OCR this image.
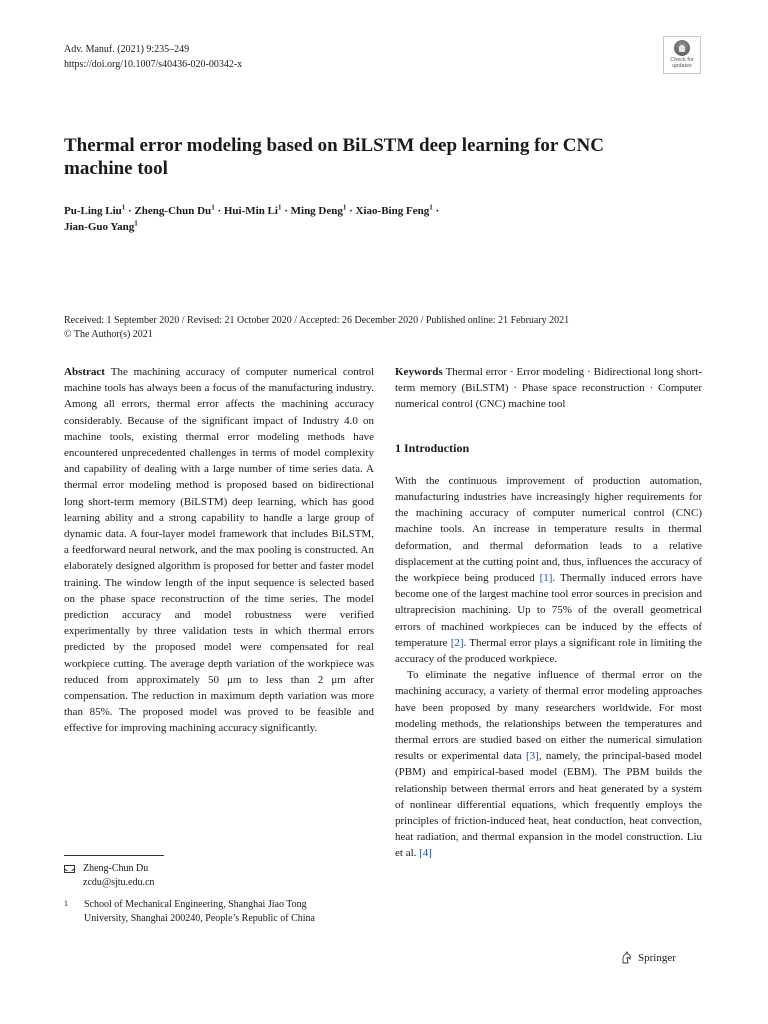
Adv. Manuf. (2021) 9:235–249
https://doi.org/10.1007/s40436-020-00342-x	Check for
updates
Thermal error modeling based on BiLSTM deep learning for CNC machine tool
Pu-Ling Liu$^1$ · Zheng-Chun $Du^1 \cdot Hui-Min$ $Li^1$ · Ming Deng$^1$ · Xiao-Bing Feng$^1$ ·
Jian-Guo Yang$^1$
Received: 1 September 2020 / Revised: 21 October 2020 / Accepted: 26 December 2020 / Published online: 21 February 2021
© The Author(s) 2021

Abstract The machining accuracy of computer numerical control machine tools has always been a focus of the manufacturing industry. Among all errors, thermal error affects the machining accuracy considerably. Because of the significant impact of Industry 4.0 on machine tools, existing thermal error modeling methods have encountered unprecedented challenges in terms of model complexity and capability of dealing with a large number of time series data. A thermal error modeling method is proposed based on bidirectional long short-term memory (BiLSTM) deep learning, which has good learning ability and a strong capability to handle a large group of dynamic data. A four-layer model framework that includes BiLSTM, a feedforward neural network, and the max pooling is constructed. An elaborately designed algorithm is proposed for better and faster model training. The window length of the input sequence is selected based on the phase space reconstruction of the time series. The model prediction accuracy and model robustness were verified experimentally by three validation tests in which thermal errors predicted by the proposed model were compensated for real workpiece cutting. The average depth variation of the workpiece was reduced from approximately 50 μm to less than 2 μm after compensation. The reduction in maximum depth variation was more than 85%. The proposed model was proved to be feasible and effective for improving machining accuracy significantly.

Keywords Thermal error · Error modeling · Bidirectional long short-term memory (BiLSTM) · Phase space reconstruction · Computer numerical control (CNC) machine tool

1 Introduction

With the continuous improvement of production automation, manufacturing industries have increasingly higher requirements for the machining accuracy of computer numerical control (CNC) machine tools. An increase in temperature results in thermal deformation, and thermal deformation leads to a relative displacement at the cutting point and, thus, influences the accuracy of the workpiece being produced [1]. Thermally induced errors have become one of the largest machine tool error sources in precision and ultraprecision machining. Up to 75% of the overall geometrical errors of machined workpieces can be induced by the effects of temperature [2]. Thermal error plays a significant role in limiting the accuracy of the produced workpiece.

To eliminate the negative influence of thermal error on the machining accuracy, a variety of thermal error modeling approaches have been proposed by many researchers worldwide. For most modeling methods, the relationships between the temperatures and thermal errors are studied based on either the numerical simulation results or experimental data [3], namely, the principal-based model (PBM) and empirical-based model (EBM). The PBM builds the relationship between thermal errors and heat generated by a system of nonlinear differential equations, which frequently employs the principles of friction-induced heat, heat conduction, heat convection, heat radiation, and thermal expansion in the model construction. Liu et al. [4]

Zheng-Chun Du
zcdu@sjtu.edu.cn
1	School of Mechanical Engineering, Shanghai Jiao Tong
University, Shanghai 200240, People’s Republic of China
Springer
